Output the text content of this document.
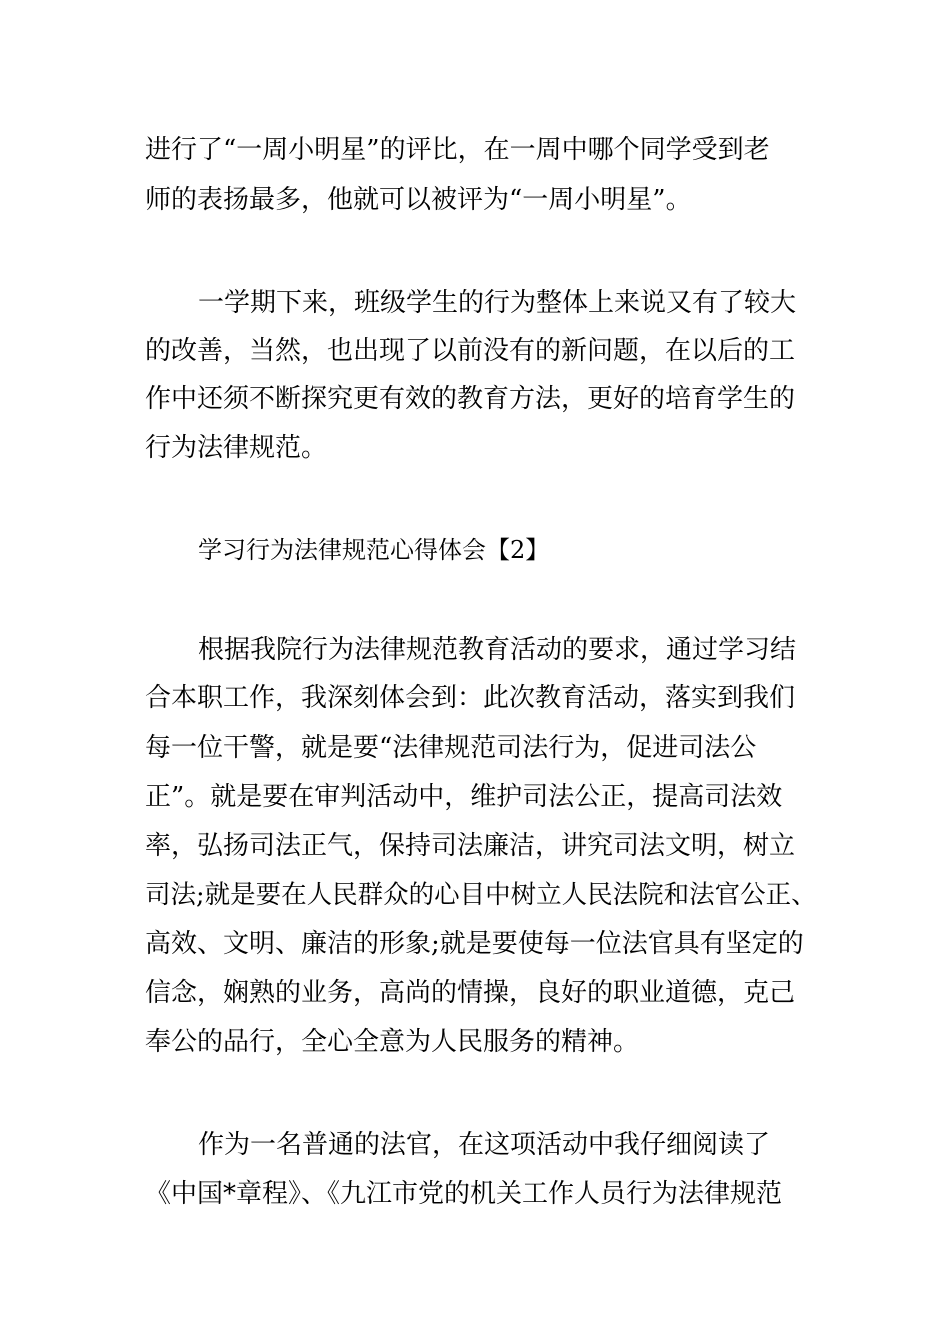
进行了“一周小明星”的评比，在一周中哪个同学受到老
师的表扬最多，他就可以被评为“一周小明星”。
一学期下来，班级学生的行为整体上来说又有了较大
的改善，当然，也出现了以前没有的新问题，在以后的工
作中还须不断探究更有效的教育方法，更好的培育学生的
行为法律规范。
学习行为法律规范心得体会【2】
根据我院行为法律规范教育活动的要求，通过学习结
合本职工作，我深刻体会到：此次教育活动，落实到我们
每一位干警，就是要“法律规范司法行为，促进司法公
正”。就是要在审判活动中，维护司法公正，提高司法效
率，弘扬司法正气，保持司法廉洁，讲究司法文明，树立
司法;就是要在人民群众的心目中树立人民法院和法官公正、
高效、文明、廉洁的形象;就是要使每一位法官具有坚定的
信念，娴熟的业务，高尚的情操，良好的职业道德，克己
奉公的品行，全心全意为人民服务的精神。
作为一名普通的法官，在这项活动中我仔细阅读了
《中国*章程》、《九江市党的机关工作人员行为法律规范
